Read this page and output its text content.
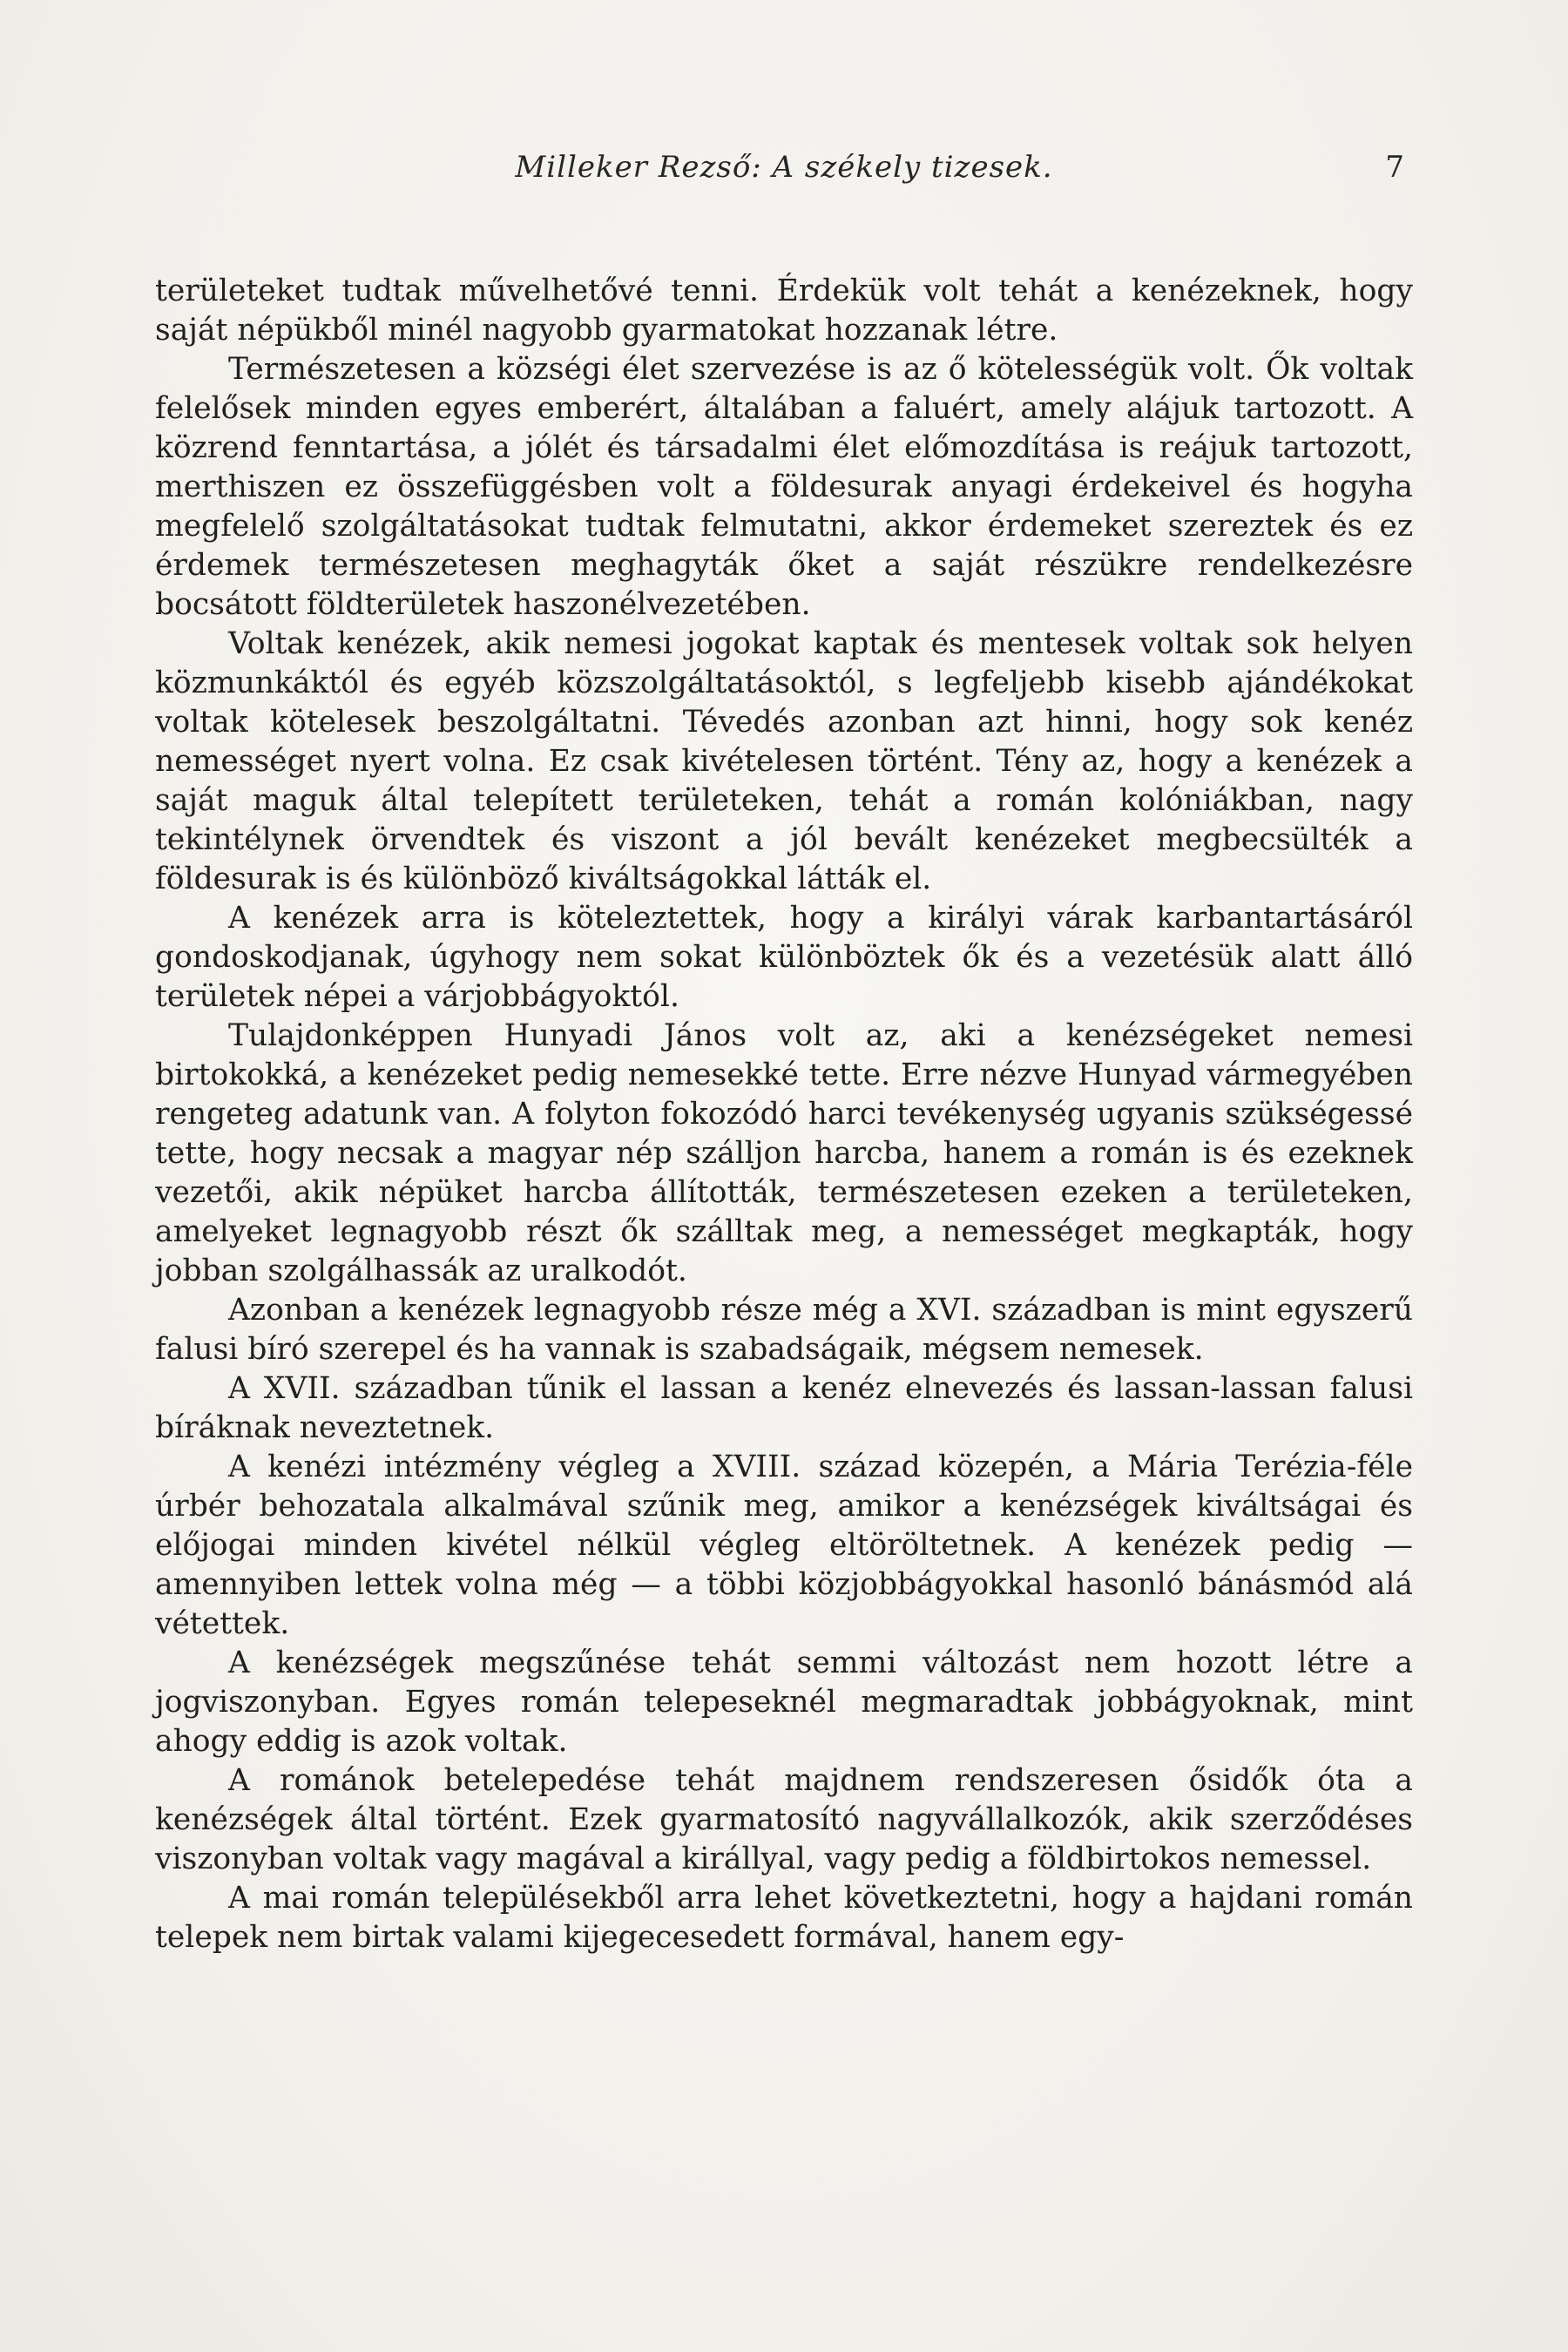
Milleker Rezső: A székely tizesek.	7

területeket tudtak művelhetővé tenni. Érdekük volt tehát a kenézeknek, hogy saját népükből minél nagyobb gyarmatokat hozzanak létre.

Természetesen a községi élet szervezése is az ő kötelességük volt. Ők voltak felelősek minden egyes emberért, általában a faluért, amely alájuk tartozott. A közrend fenntartása, a jólét és társadalmi élet előmozdítása is reájuk tartozott, merthiszen ez összefüggésben volt a földesurak anyagi érdekeivel és hogyha megfelelő szolgáltatásokat tudtak felmutatni, akkor érdemeket szereztek és ez érdemek természetesen meghagyták őket a saját részükre rendelkezésre bocsátott földterületek haszonélvezetében.

Voltak kenézek, akik nemesi jogokat kaptak és mentesek voltak sok helyen közmunkáktól és egyéb közszolgáltatásoktól, s legfeljebb kisebb ajándékokat voltak kötelesek beszolgáltatni. Tévedés azonban azt hinni, hogy sok kenéz nemességet nyert volna. Ez csak kivételesen történt. Tény az, hogy a kenézek a saját maguk által telepített területeken, tehát a román kolóniákban, nagy tekintélynek örvendtek és viszont a jól bevált kenézeket megbecsülték a földesurak is és különböző kiváltságokkal látták el.

A kenézek arra is köteleztettek, hogy a királyi várak karbantartásáról gondoskodjanak, úgyhogy nem sokat különböztek ők és a vezetésük alatt álló területek népei a várjobbágyoktól.

Tulajdonképpen Hunyadi János volt az, aki a kenézségeket nemesi birtokokká, a kenézeket pedig nemesekké tette. Erre nézve Hunyad vármegyében rengeteg adatunk van. A folyton fokozódó harci tevékenység ugyanis szükségessé tette, hogy necsak a magyar nép szálljon harcba, hanem a román is és ezeknek vezetői, akik népüket harcba állították, természetesen ezeken a területeken, amelyeket legnagyobb részt ők szálltak meg, a nemességet megkapták, hogy jobban szolgálhassák az uralkodót.

Azonban a kenézek legnagyobb része még a XVI. században is mint egyszerű falusi bíró szerepel és ha vannak is szabadságaik, mégsem nemesek.

A XVII. században tűnik el lassan a kenéz elnevezés és lassan-lassan falusi bíráknak neveztetnek.

A kenézi intézmény végleg a XVIII. század közepén, a Mária Terézia-féle úrbér behozatala alkalmával szűnik meg, amikor a kenézségek kiváltságai és előjogai minden kivétel nélkül végleg eltöröltetnek. A kenézek pedig — amennyiben lettek volna még — a többi közjobbágyokkal hasonló bánásmód alá vétettek.

A kenézségek megszűnése tehát semmi változást nem hozott létre a jogviszonyban. Egyes román telepeseknél megmaradtak jobbágyoknak, mint ahogy eddig is azok voltak.

A románok betelepedése tehát majdnem rendszeresen ősidők óta a kenézségek által történt. Ezek gyarmatosító nagyvállalkozók, akik szerződéses viszonyban voltak vagy magával a királlyal, vagy pedig a földbirtokos nemessel.

A mai román településekből arra lehet következtetni, hogy a hajdani román telepek nem birtak valami kijegecesedett formával, hanem egy-
